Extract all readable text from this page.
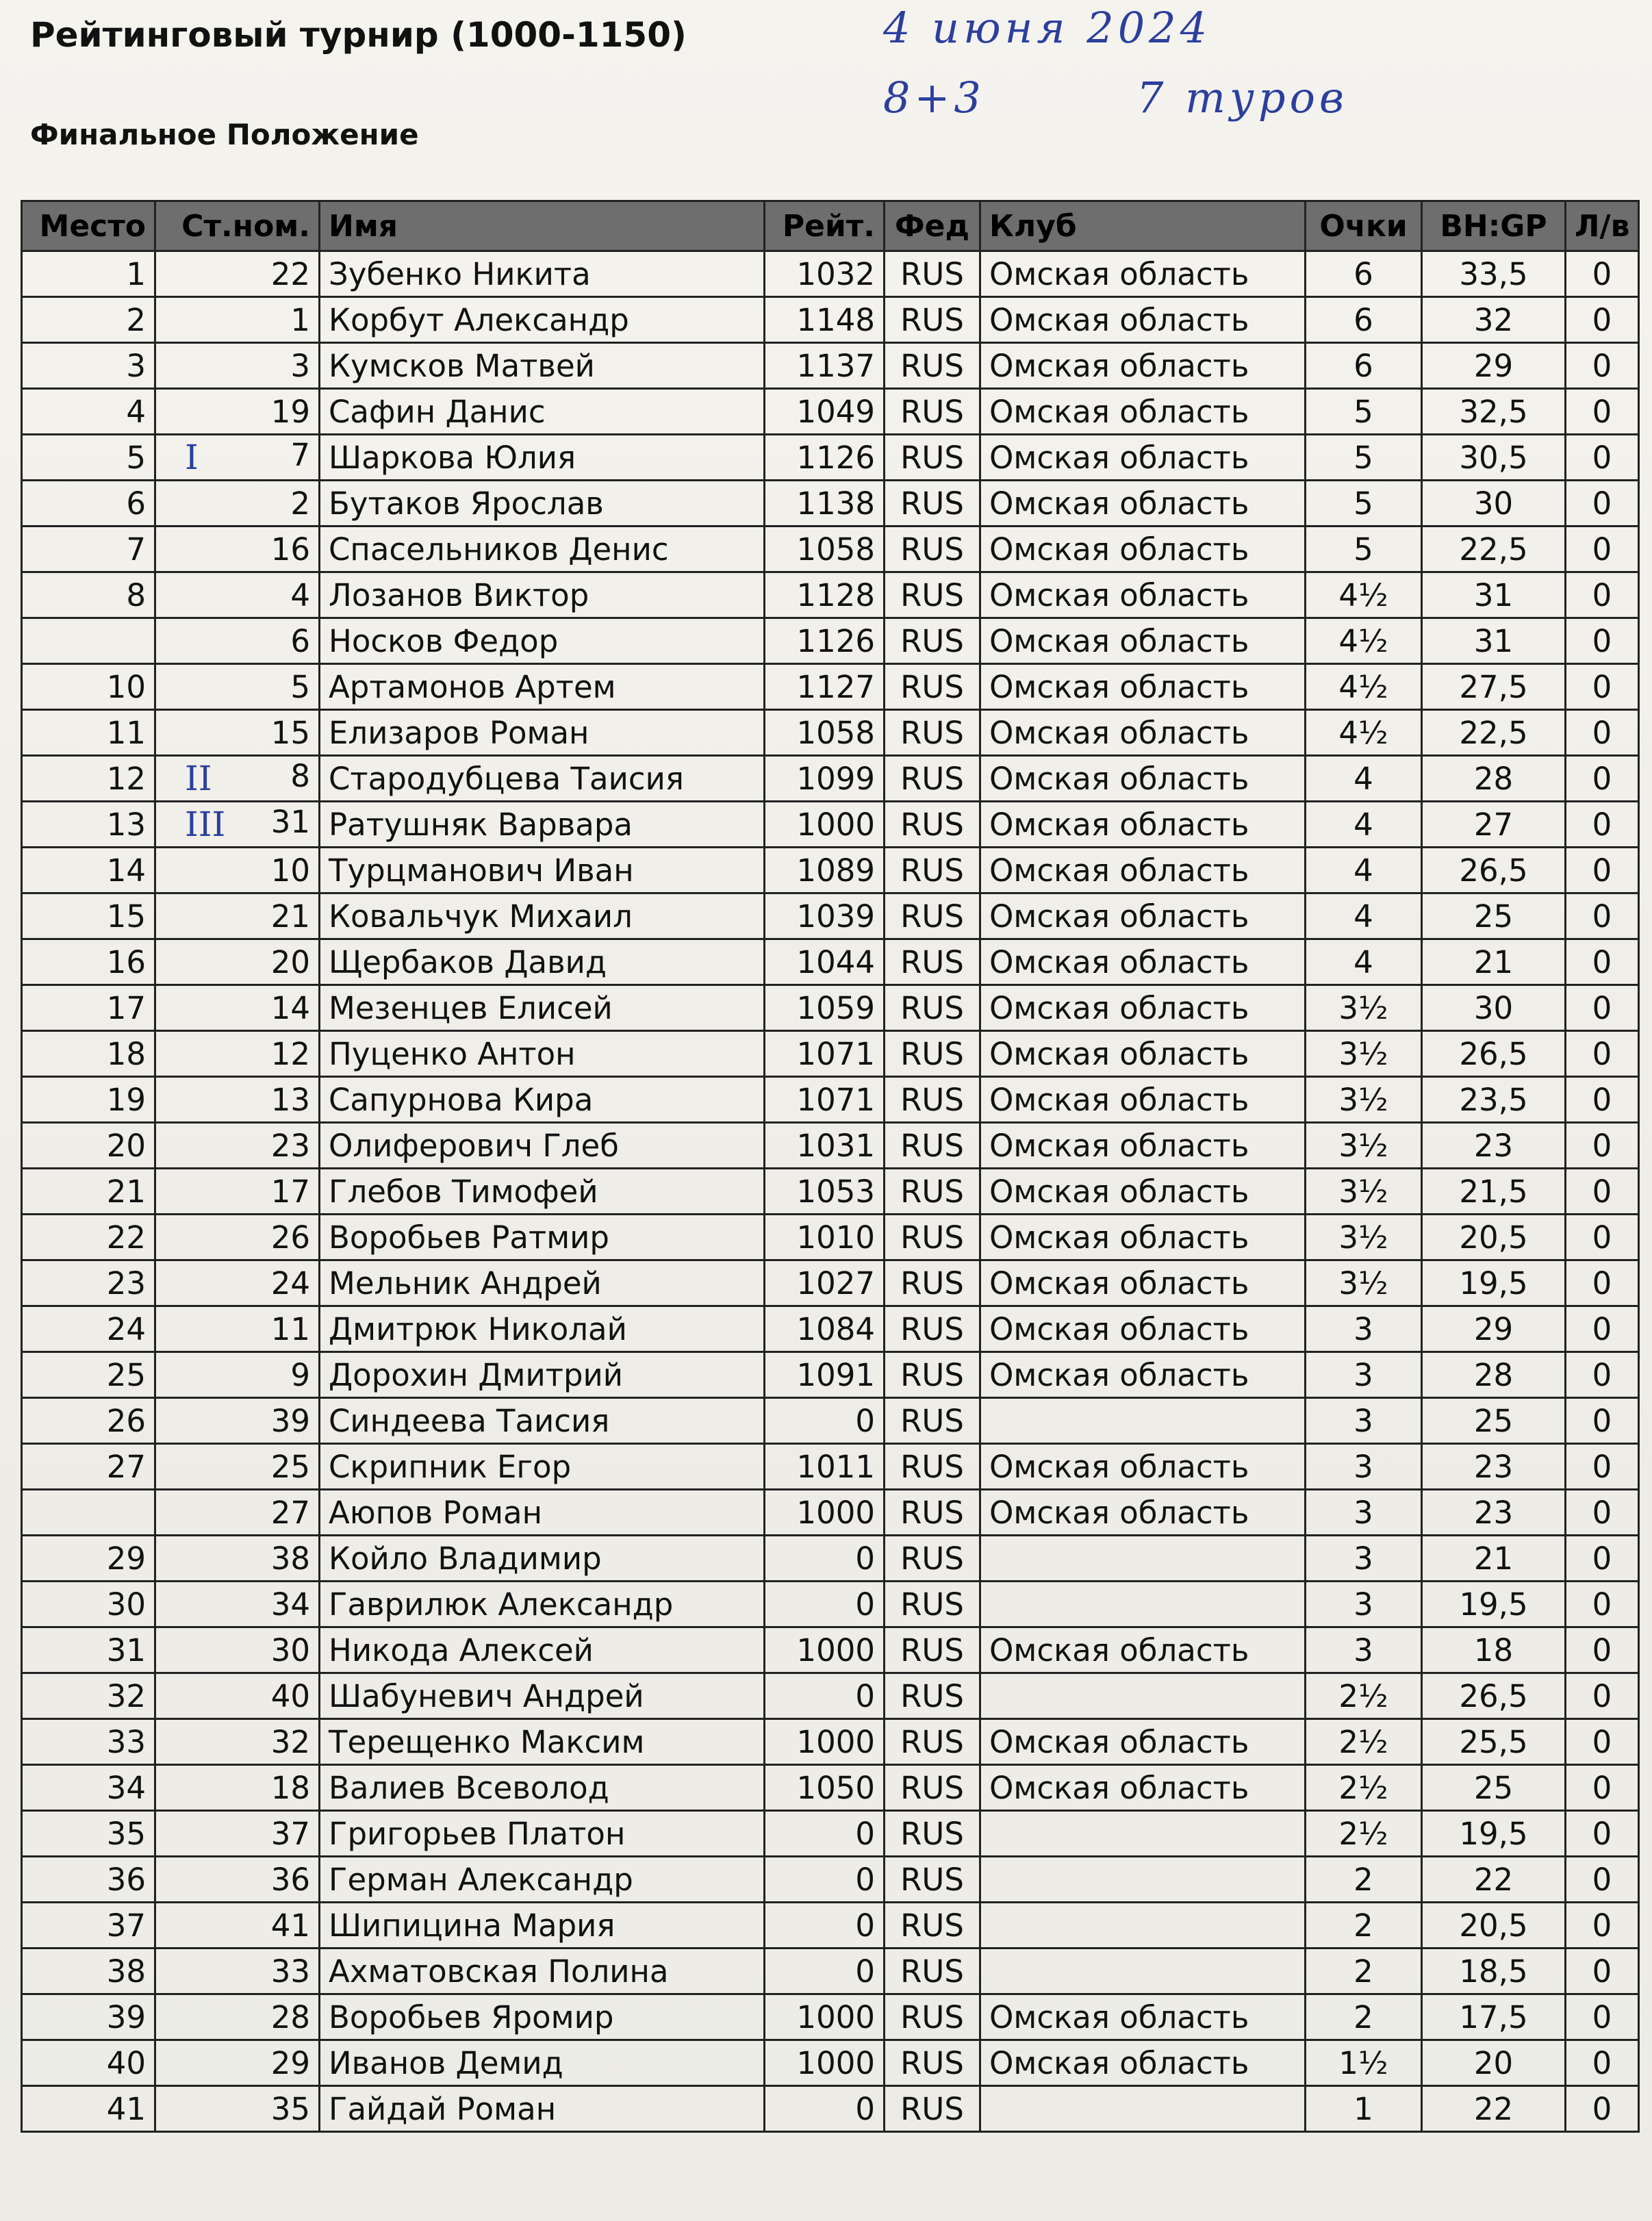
Рейтинговый турнир (1000-1150)
Финальное Положение
4 июня 2024
8+3	7 туров
Место	Ст.ном.	Имя	Рейт.	Фед	Клуб	Очки	BH:GP	Л/в
1	22	Зубенко Никита	1032	RUS	Омская область	6	33,5	0
2	1	Корбут Александр	1148	RUS	Омская область	6	32	0
3	3	Кумсков Матвей	1137	RUS	Омская область	6	29	0
4	19	Сафин Данис	1049	RUS	Омская область	5	32,5	0
5	I 7	Шаркова Юлия	1126	RUS	Омская область	5	30,5	0
6	2	Бутаков Ярослав	1138	RUS	Омская область	5	30	0
7	16	Спасельников Денис	1058	RUS	Омская область	5	22,5	0
8	4	Лозанов Виктор	1128	RUS	Омская область	4½	31	0
	6	Носков Федор	1126	RUS	Омская область	4½	31	0
10	5	Артамонов Артем	1127	RUS	Омская область	4½	27,5	0
11	15	Елизаров Роман	1058	RUS	Омская область	4½	22,5	0
12	II 8	Стародубцева Таисия	1099	RUS	Омская область	4	28	0
13	III 31	Ратушняк Варвара	1000	RUS	Омская область	4	27	0
14	10	Турцманович Иван	1089	RUS	Омская область	4	26,5	0
15	21	Ковальчук Михаил	1039	RUS	Омская область	4	25	0
16	20	Щербаков Давид	1044	RUS	Омская область	4	21	0
17	14	Мезенцев Елисей	1059	RUS	Омская область	3½	30	0
18	12	Пуценко Антон	1071	RUS	Омская область	3½	26,5	0
19	13	Сапурнова Кира	1071	RUS	Омская область	3½	23,5	0
20	23	Олиферович Глеб	1031	RUS	Омская область	3½	23	0
21	17	Глебов Тимофей	1053	RUS	Омская область	3½	21,5	0
22	26	Воробьев Ратмир	1010	RUS	Омская область	3½	20,5	0
23	24	Мельник Андрей	1027	RUS	Омская область	3½	19,5	0
24	11	Дмитрюк Николай	1084	RUS	Омская область	3	29	0
25	9	Дорохин Дмитрий	1091	RUS	Омская область	3	28	0
26	39	Синдеева Таисия	0	RUS		3	25	0
27	25	Скрипник Егор	1011	RUS	Омская область	3	23	0
	27	Аюпов Роман	1000	RUS	Омская область	3	23	0
29	38	Койло Владимир	0	RUS		3	21	0
30	34	Гаврилюк Александр	0	RUS		3	19,5	0
31	30	Никода Алексей	1000	RUS	Омская область	3	18	0
32	40	Шабуневич Андрей	0	RUS		2½	26,5	0
33	32	Терещенко Максим	1000	RUS	Омская область	2½	25,5	0
34	18	Валиев Всеволод	1050	RUS	Омская область	2½	25	0
35	37	Григорьев Платон	0	RUS		2½	19,5	0
36	36	Герман Александр	0	RUS		2	22	0
37	41	Шипицина Мария	0	RUS		2	20,5	0
38	33	Ахматовская Полина	0	RUS		2	18,5	0
39	28	Воробьев Яромир	1000	RUS	Омская область	2	17,5	0
40	29	Иванов Демид	1000	RUS	Омская область	1½	20	0
41	35	Гайдай Роман	0	RUS		1	22	0
